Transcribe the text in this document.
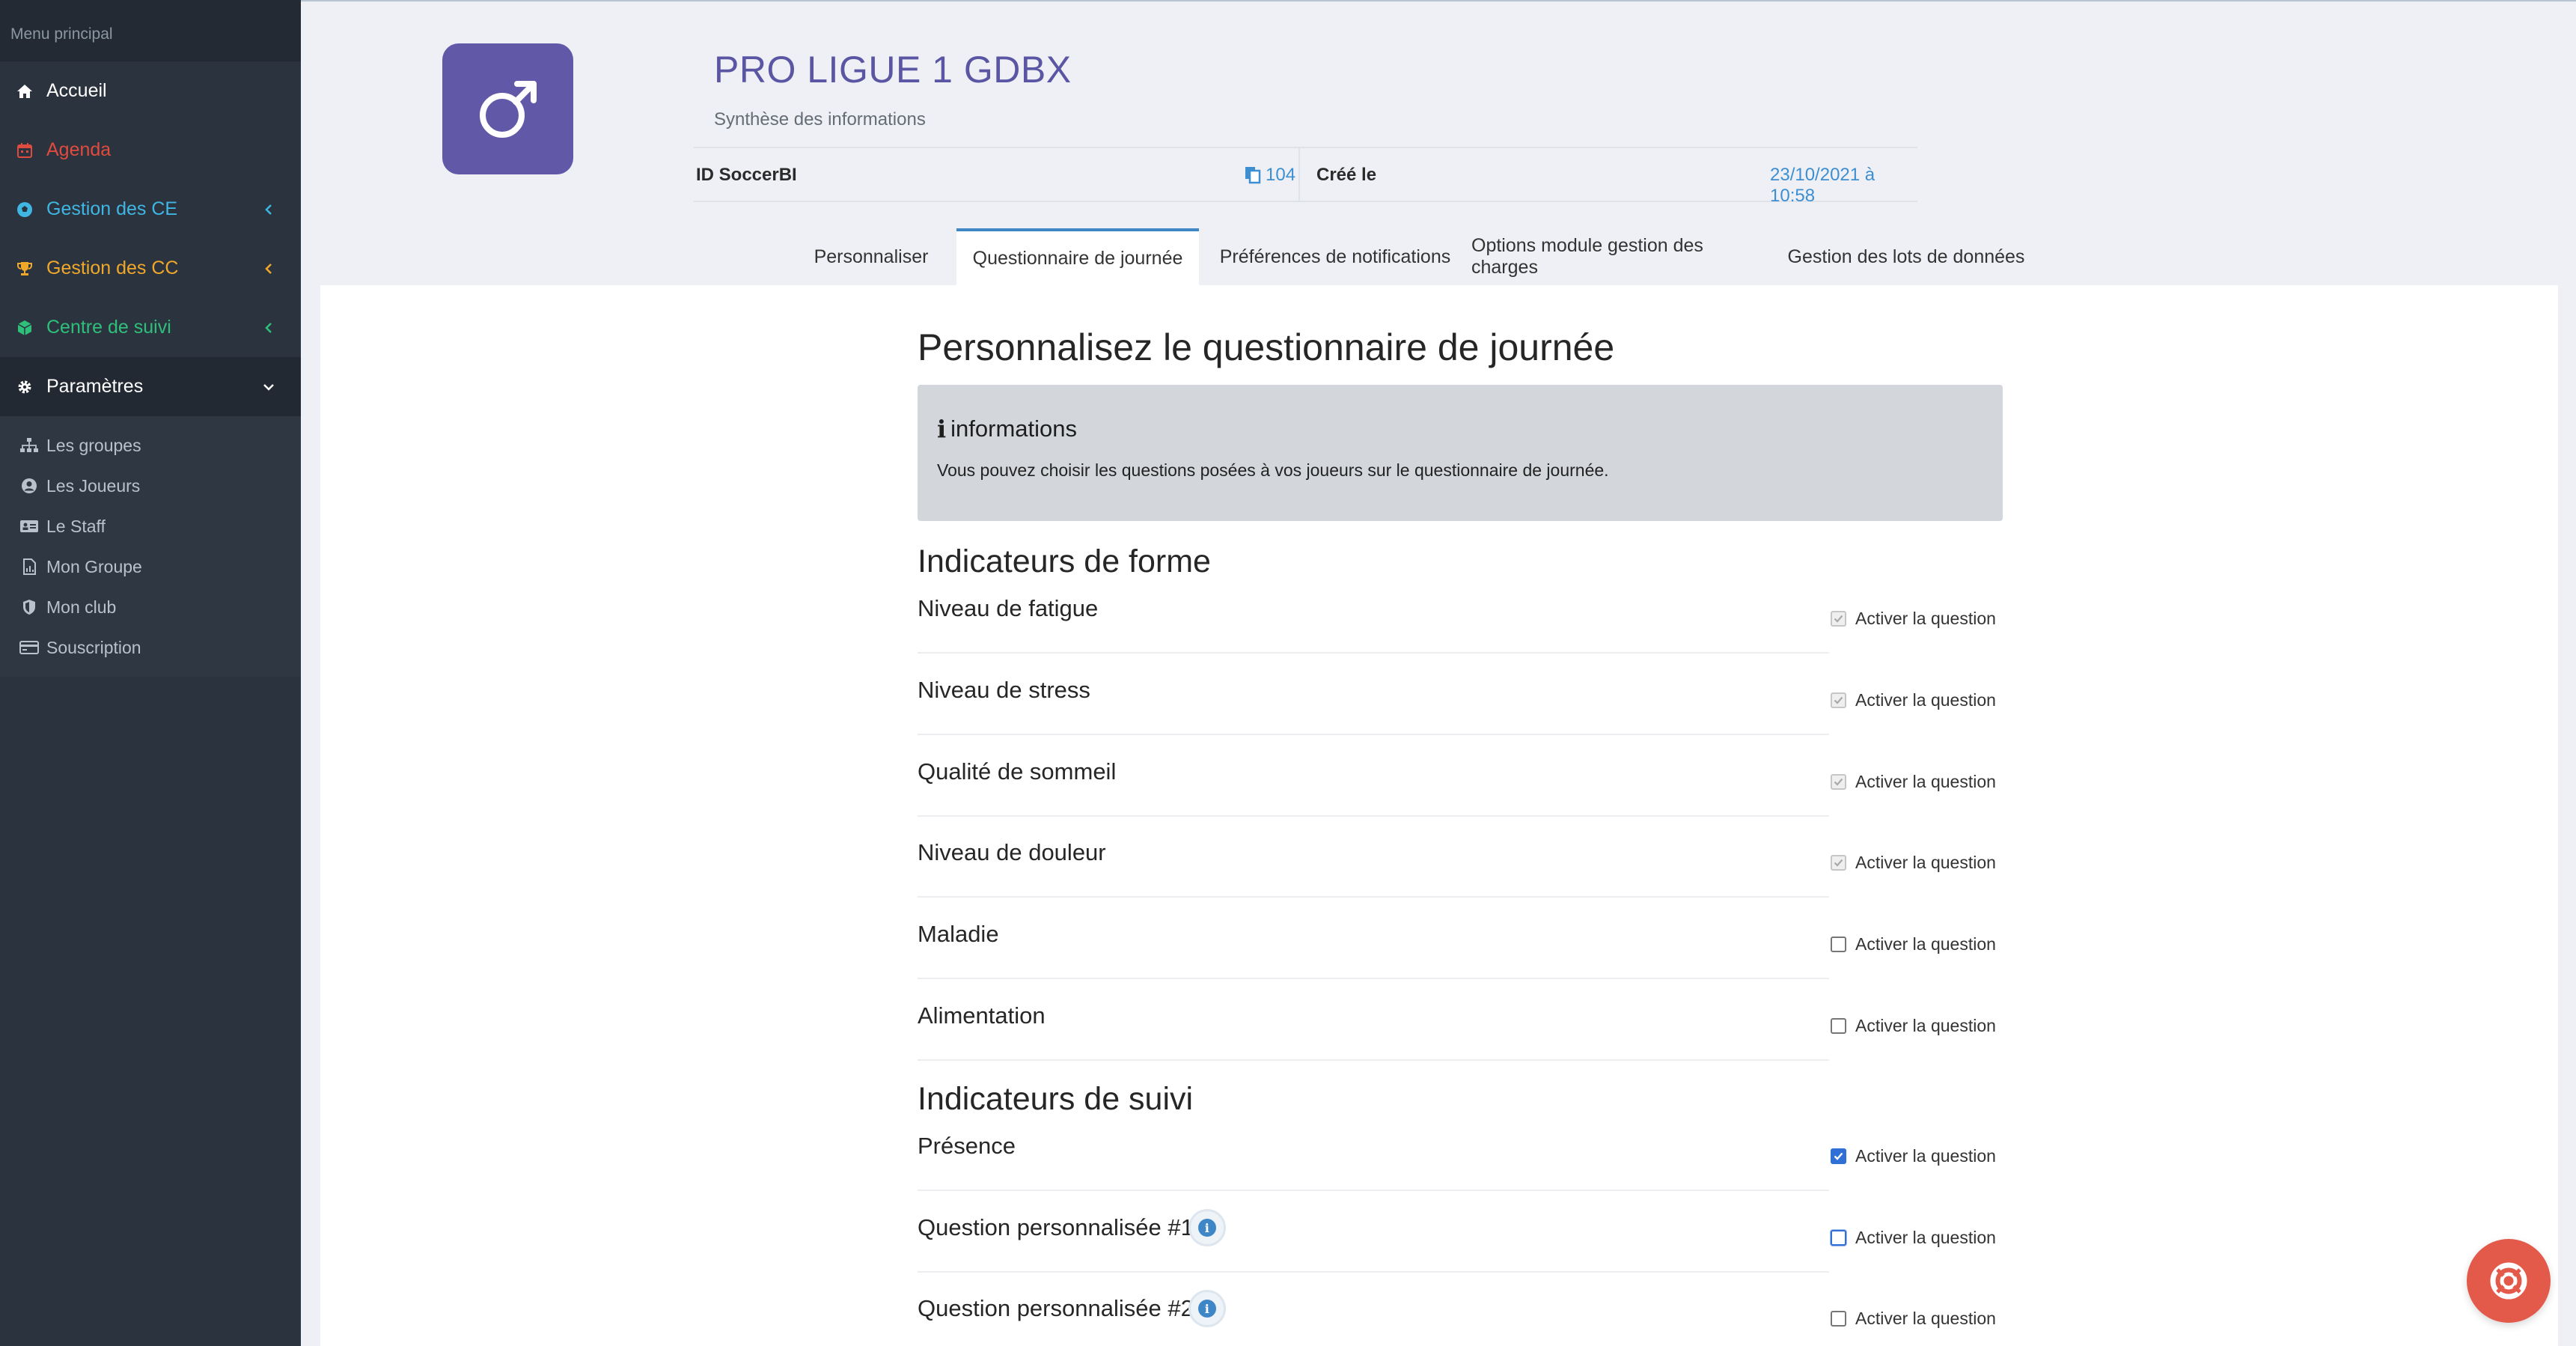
Menu principal
Accueil
Agenda
Gestion des CE
Gestion des CC
Centre de suivi
Paramètres
Les groupes
Les Joueurs
Le Staff
Mon Groupe
Mon club
Souscription
PRO LIGUE 1 GDBX
Synthèse des informations
ID SoccerBI	104 Créé le	23/10/2021 à 10:58
Personnaliser	Questionnaire de journée	Préférences de notifications
Options module gestion des charges
Gestion des lots de données
Personnalisez le questionnaire de journée
i informations
Vous pouvez choisir les questions posées à vos joueurs sur le questionnaire de journée.
Indicateurs de forme
Niveau de fatigue	Activer la question
Niveau de stress	Activer la question
Qualité de sommeil	Activer la question
Niveau de douleur	Activer la question
Maladie	Activer la question
Alimentation	Activer la question
Indicateurs de suivi
Présence	Activer la question
Question personnalisée #1 i	Activer la question
Question personnalisée #2 i	Activer la question
